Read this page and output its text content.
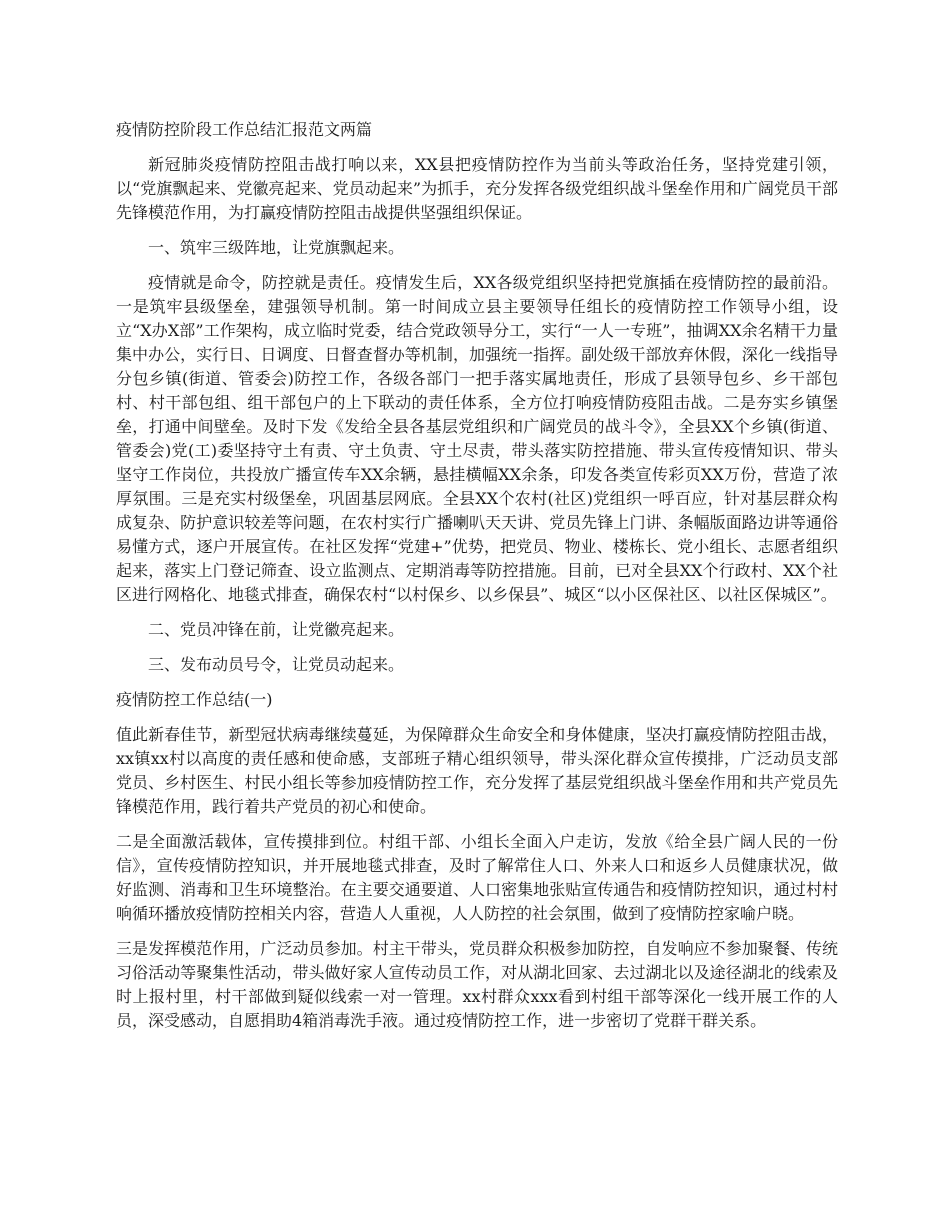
疫情防控阶段工作总结汇报范文两篇
新冠肺炎疫情防控阻击战打响以来，XX县把疫情防控作为当前头等政治任务，坚持党建引领，以“党旗飘起来、党徽亮起来、党员动起来”为抓手，充分发挥各级党组织战斗堡垒作用和广阔党员干部先锋模范作用，为打赢疫情防控阻击战提供坚强组织保证。
一、筑牢三级阵地，让党旗飘起来。
疫情就是命令，防控就是责任。疫情发生后，XX各级党组织坚持把党旗插在疫情防控的最前沿。一是筑牢县级堡垒，建强领导机制。第一时间成立县主要领导任组长的疫情防控工作领导小组，设立“X办X部”工作架构，成立临时党委，结合党政领导分工，实行“一人一专班”，抽调XX余名精干力量集中办公，实行日、日调度、日督查督办等机制，加强统一指挥。副处级干部放弃休假，深化一线指导分包乡镇(街道、管委会)防控工作，各级各部门一把手落实属地责任，形成了县领导包乡、乡干部包村、村干部包组、组干部包户的上下联动的责任体系，全方位打响疫情防疫阻击战。二是夯实乡镇堡垒，打通中间壁垒。及时下发《发给全县各基层党组织和广阔党员的战斗令》，全县XX个乡镇(街道、管委会)党(工)委坚持守土有责、守土负责、守土尽责，带头落实防控措施、带头宣传疫情知识、带头坚守工作岗位，共投放广播宣传车XX余辆，悬挂横幅XX余条，印发各类宣传彩页XX万份，营造了浓厚氛围。三是充实村级堡垒，巩固基层网底。全县XX个农村(社区)党组织一呼百应，针对基层群众构成复杂、防护意识较差等问题，在农村实行广播喇叭天天讲、党员先锋上门讲、条幅版面路边讲等通俗易懂方式，逐户开展宣传。在社区发挥“党建+”优势，把党员、物业、楼栋长、党小组长、志愿者组织起来，落实上门登记筛查、设立监测点、定期消毒等防控措施。目前，已对全县XX个行政村、XX个社区进行网格化、地毯式排查，确保农村“以村保乡、以乡保县”、城区“以小区保社区、以社区保城区”。
二、党员冲锋在前，让党徽亮起来。
三、发布动员号令，让党员动起来。
疫情防控工作总结(一)
值此新春佳节，新型冠状病毒继续蔓延，为保障群众生命安全和身体健康，坚决打赢疫情防控阻击战，xx镇xx村以高度的责任感和使命感，支部班子精心组织领导，带头深化群众宣传摸排，广泛动员支部党员、乡村医生、村民小组长等参加疫情防控工作，充分发挥了基层党组织战斗堡垒作用和共产党员先锋模范作用，践行着共产党员的初心和使命。
二是全面激活载体，宣传摸排到位。村组干部、小组长全面入户走访，发放《给全县广阔人民的一份信》，宣传疫情防控知识，并开展地毯式排查，及时了解常住人口、外来人口和返乡人员健康状况，做好监测、消毒和卫生环境整治。在主要交通要道、人口密集地张贴宣传通告和疫情防控知识，通过村村响循环播放疫情防控相关内容，营造人人重视，人人防控的社会氛围，做到了疫情防控家喻户晓。
三是发挥模范作用，广泛动员参加。村主干带头，党员群众积极参加防控，自发响应不参加聚餐、传统习俗活动等聚集性活动，带头做好家人宣传动员工作，对从湖北回家、去过湖北以及途径湖北的线索及时上报村里，村干部做到疑似线索一对一管理。xx村群众xxx看到村组干部等深化一线开展工作的人员，深受感动，自愿捐助4箱消毒洗手液。通过疫情防控工作，进一步密切了党群干群关系。
